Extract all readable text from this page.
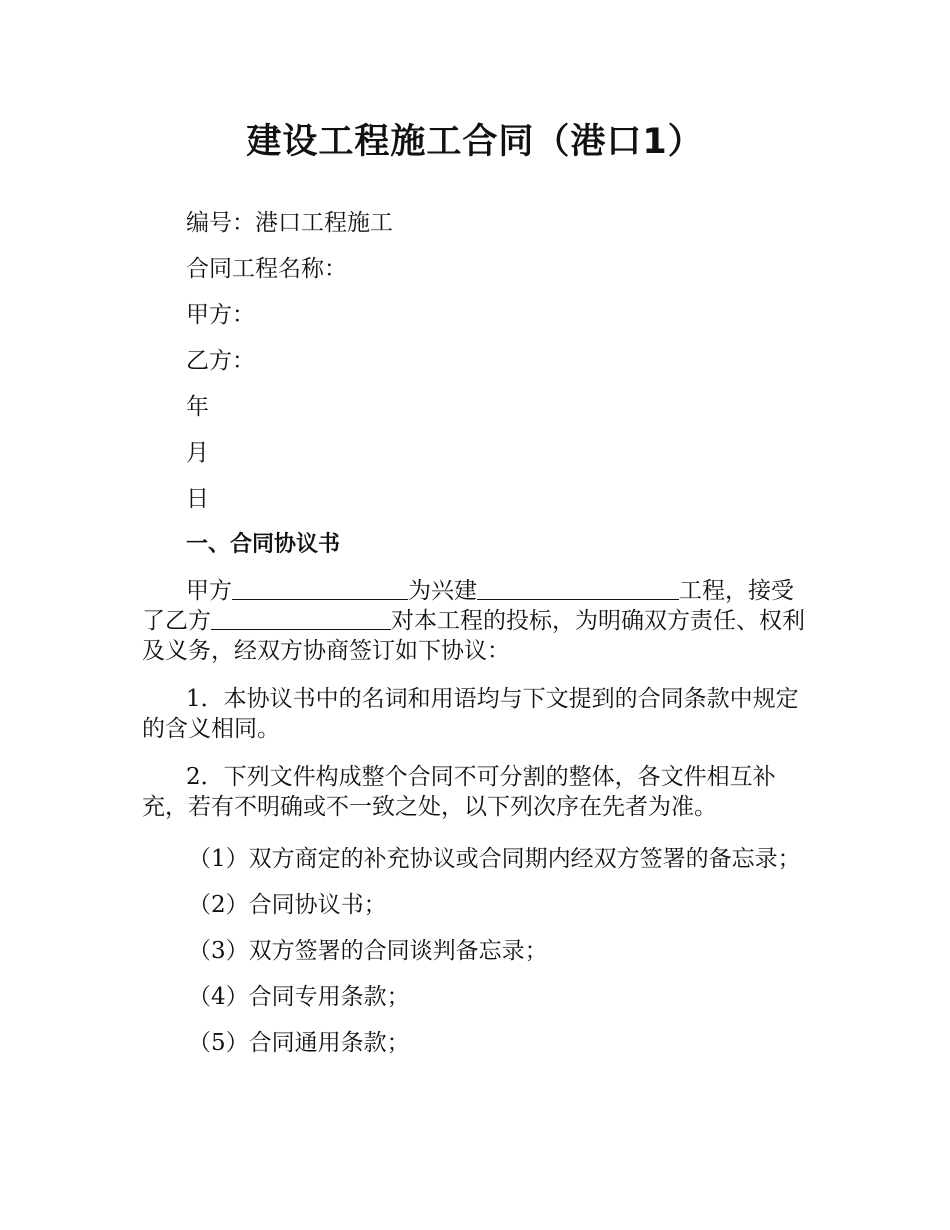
建设工程施工合同（港口1）

编号：港口工程施工

合同工程名称：

甲方：

乙方：

年

月

日

一、合同协议书

甲方	为兴建	工程，接受了乙方	对本工程的投标，为明确双方责任、权利及义务，经双方协商签订如下协议：

1．本协议书中的名词和用语均与下文提到的合同条款中规定的含义相同。

2．下列文件构成整个合同不可分割的整体，各文件相互补充，若有不明确或不一致之处，以下列次序在先者为准。

（1）双方商定的补充协议或合同期内经双方签署的备忘录；

（2）合同协议书；

（3）双方签署的合同谈判备忘录；

（4）合同专用条款；

（5）合同通用条款；
